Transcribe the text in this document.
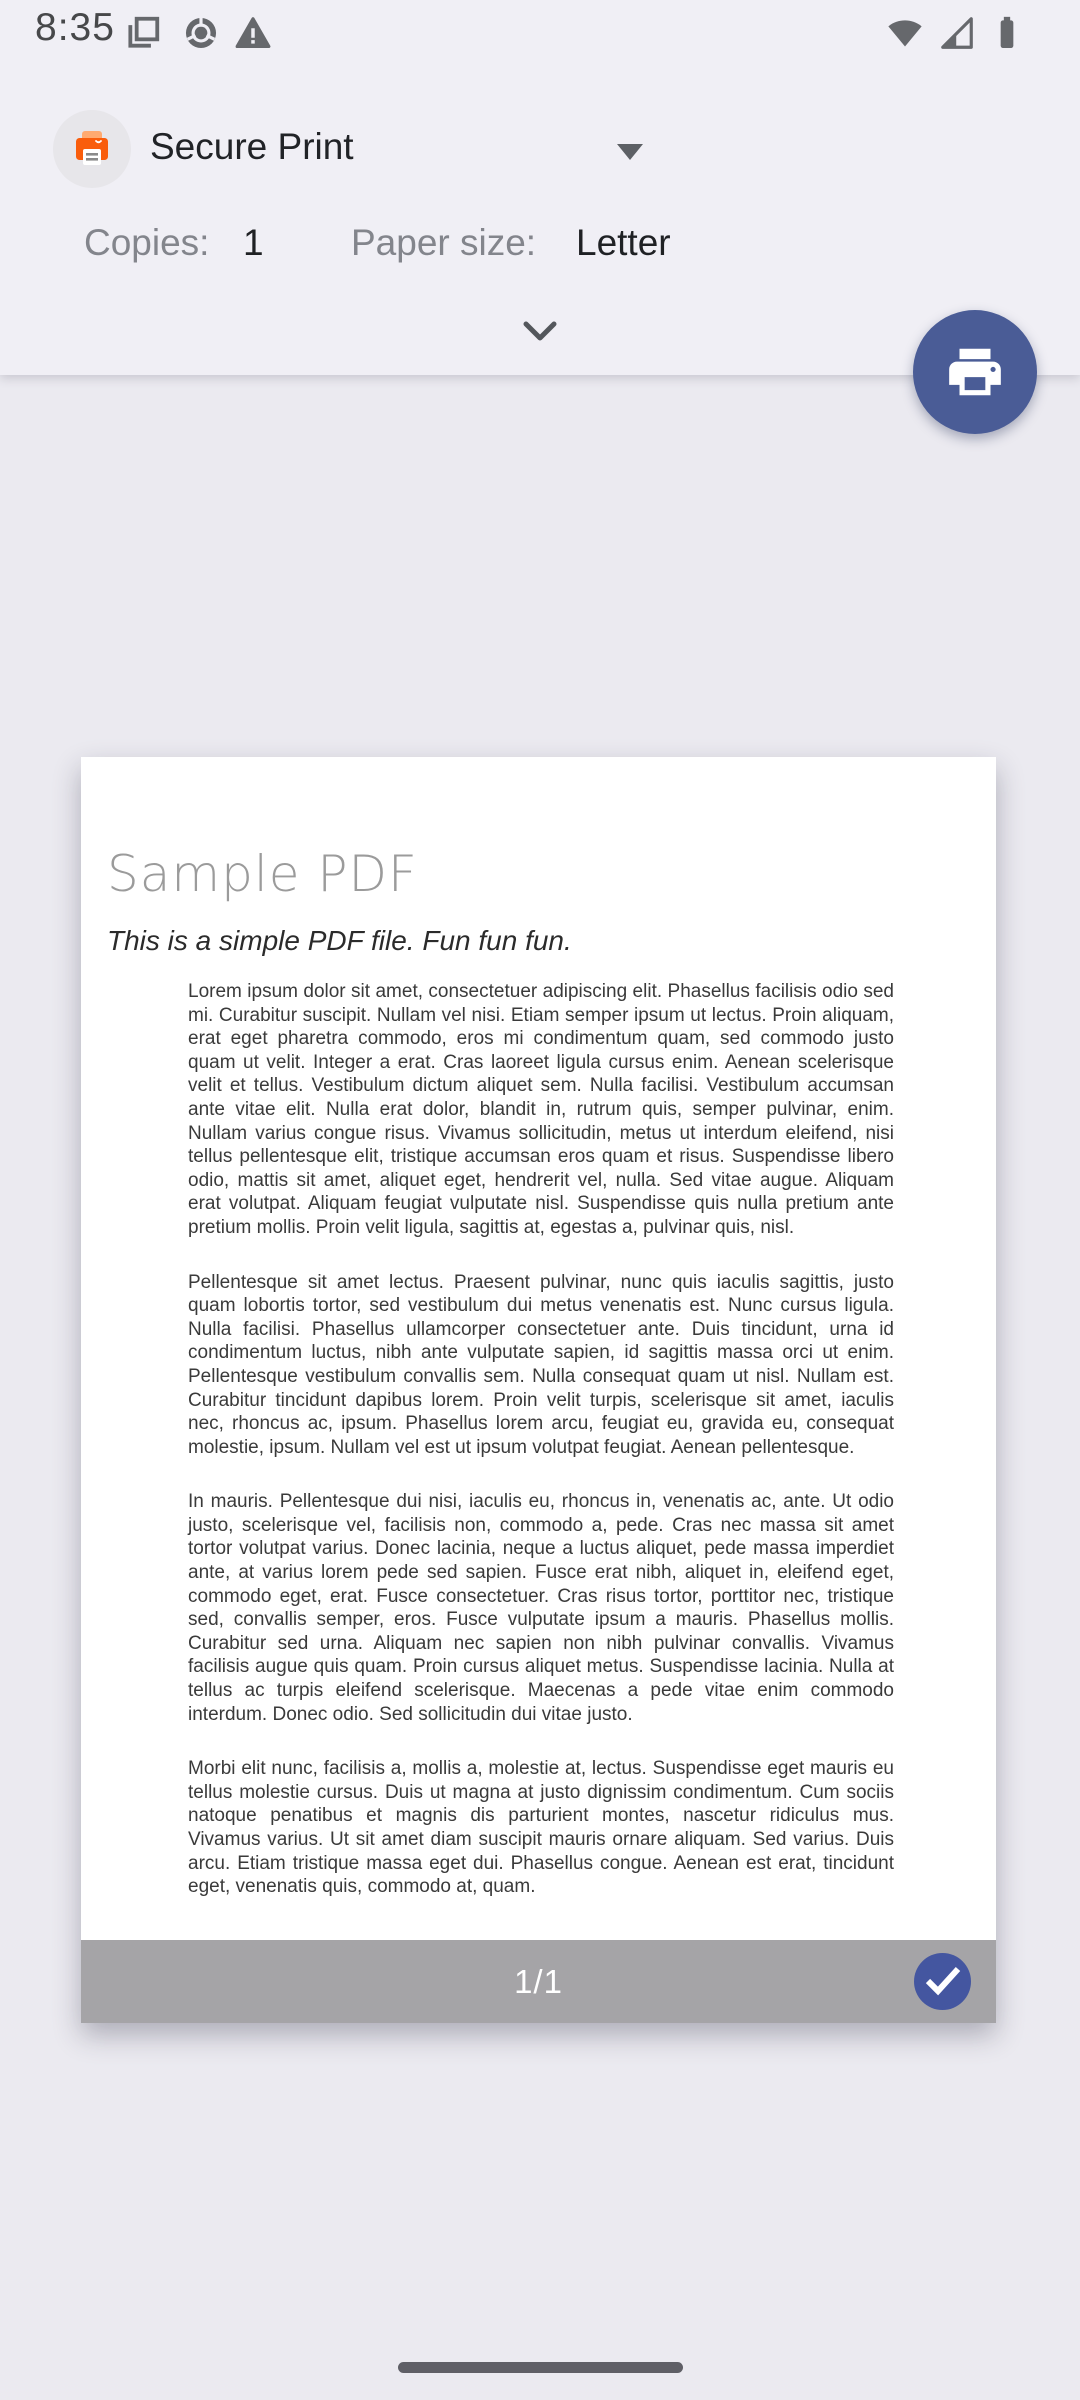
8:35
Secure Print
Copies: 1 Paper size: Letter
Sample PDF
This is a simple PDF file. Fun fun fun.

Lorem ipsum dolor sit amet, consectetuer adipiscing elit. Phasellus facilisis odio sed mi. Curabitur suscipit. Nullam vel nisi. Etiam semper ipsum ut lectus. Proin aliquam, erat eget pharetra commodo, eros mi condimentum quam, sed commodo justo quam ut velit. Integer a erat. Cras laoreet ligula cursus enim. Aenean scelerisque velit et tellus. Vestibulum dictum aliquet sem. Nulla facilisi. Vestibulum accumsan ante vitae elit. Nulla erat dolor, blandit in, rutrum quis, semper pulvinar, enim. Nullam varius congue risus. Vivamus sollicitudin, metus ut interdum eleifend, nisi tellus pellentesque elit, tristique accumsan eros quam et risus. Suspendisse libero odio, mattis sit amet, aliquet eget, hendrerit vel, nulla. Sed vitae augue. Aliquam erat volutpat. Aliquam feugiat vulputate nisl. Suspendisse quis nulla pretium ante pretium mollis. Proin velit ligula, sagittis at, egestas a, pulvinar quis, nisl.

Pellentesque sit amet lectus. Praesent pulvinar, nunc quis iaculis sagittis, justo quam lobortis tortor, sed vestibulum dui metus venenatis est. Nunc cursus ligula. Nulla facilisi. Phasellus ullamcorper consectetuer ante. Duis tincidunt, urna id condimentum luctus, nibh ante vulputate sapien, id sagittis massa orci ut enim. Pellentesque vestibulum convallis sem. Nulla consequat quam ut nisl. Nullam est. Curabitur tincidunt dapibus lorem. Proin velit turpis, scelerisque sit amet, iaculis nec, rhoncus ac, ipsum. Phasellus lorem arcu, feugiat eu, gravida eu, consequat molestie, ipsum. Nullam vel est ut ipsum volutpat feugiat. Aenean pellentesque.

In mauris. Pellentesque dui nisi, iaculis eu, rhoncus in, venenatis ac, ante. Ut odio justo, scelerisque vel, facilisis non, commodo a, pede. Cras nec massa sit amet tortor volutpat varius. Donec lacinia, neque a luctus aliquet, pede massa imperdiet ante, at varius lorem pede sed sapien. Fusce erat nibh, aliquet in, eleifend eget, commodo eget, erat. Fusce consectetuer. Cras risus tortor, porttitor nec, tristique sed, convallis semper, eros. Fusce vulputate ipsum a mauris. Phasellus mollis. Curabitur sed urna. Aliquam nec sapien non nibh pulvinar convallis. Vivamus facilisis augue quis quam. Proin cursus aliquet metus. Suspendisse lacinia. Nulla at tellus ac turpis eleifend scelerisque. Maecenas a pede vitae enim commodo interdum. Donec odio. Sed sollicitudin dui vitae justo.

Morbi elit nunc, facilisis a, mollis a, molestie at, lectus. Suspendisse eget mauris eu tellus molestie cursus. Duis ut magna at justo dignissim condimentum. Cum sociis natoque penatibus et magnis dis parturient montes, nascetur ridiculus mus. Vivamus varius. Ut sit amet diam suscipit mauris ornare aliquam. Sed varius. Duis arcu. Etiam tristique massa eget dui. Phasellus congue. Aenean est erat, tincidunt eget, venenatis quis, commodo at, quam.

1/1
